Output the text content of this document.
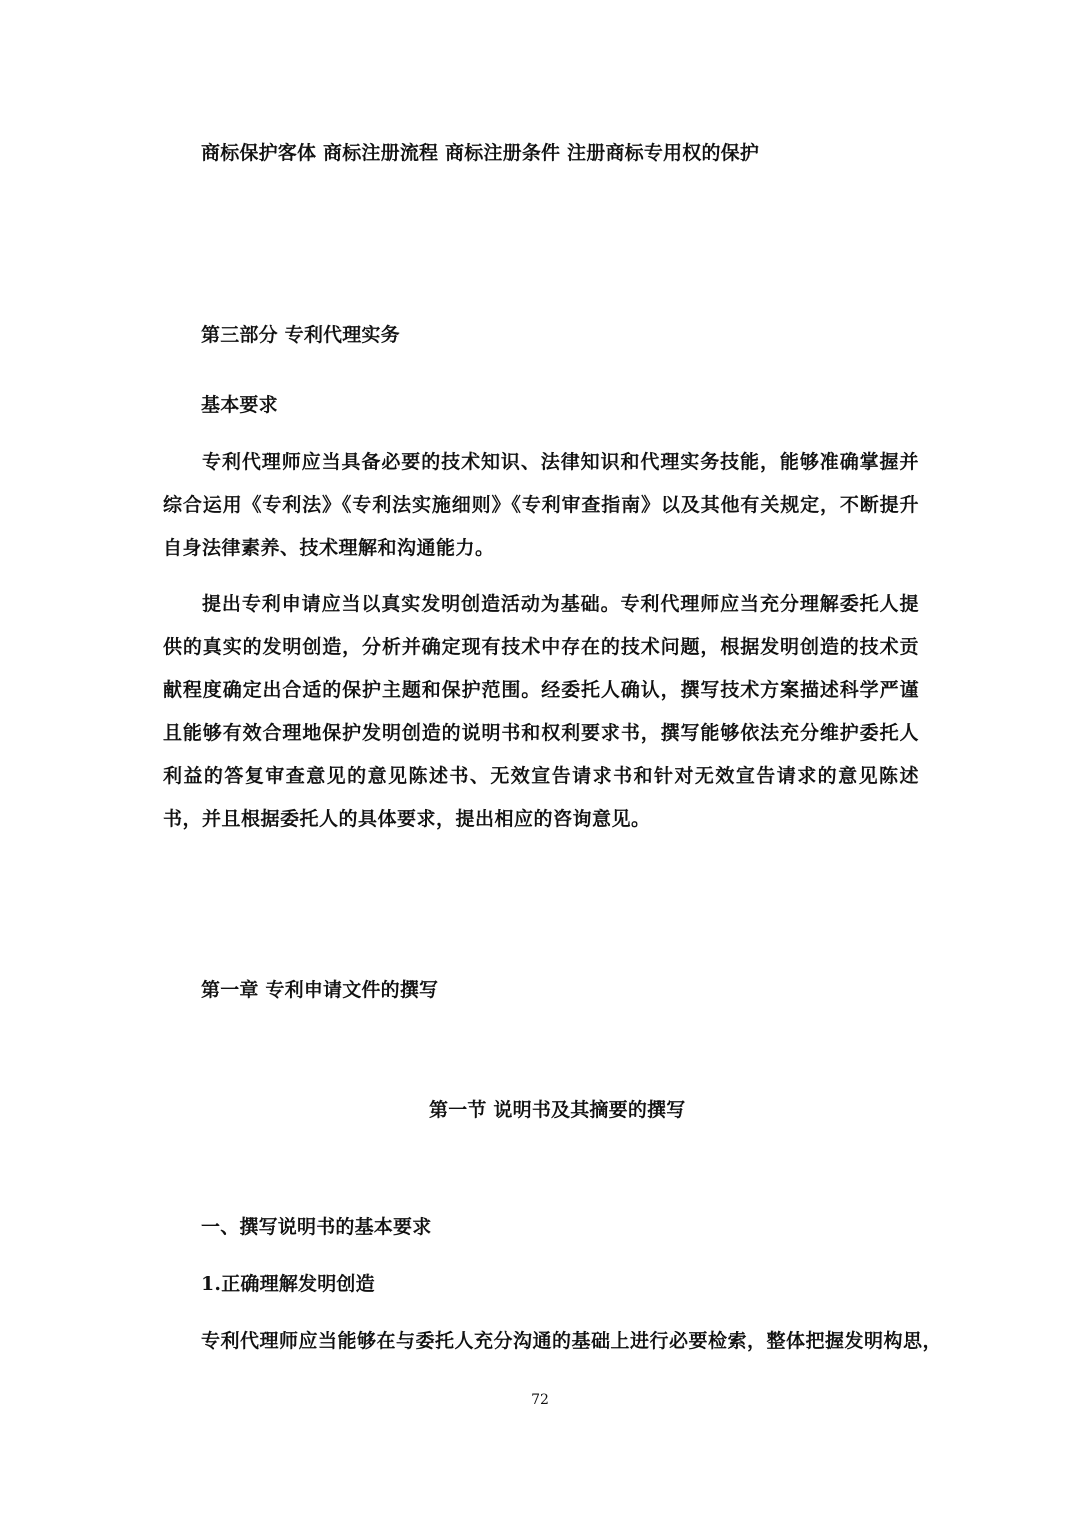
商标保护客体 商标注册流程 商标注册条件 注册商标专用权的保护
第三部分 专利代理实务
基本要求
专利代理师应当具备必要的技术知识、法律知识和代理实务技能，能够准确掌握并综合运用《专利法》《专利法实施细则》《专利审查指南》以及其他有关规定，不断提升自身法律素养、技术理解和沟通能力。
提出专利申请应当以真实发明创造活动为基础。专利代理师应当充分理解委托人提供的真实的发明创造，分析并确定现有技术中存在的技术问题，根据发明创造的技术贡献程度确定出合适的保护主题和保护范围。经委托人确认，撰写技术方案描述科学严谨且能够有效合理地保护发明创造的说明书和权利要求书，撰写能够依法充分维护委托人利益的答复审查意见的意见陈述书、无效宣告请求书和针对无效宣告请求的意见陈述书，并且根据委托人的具体要求，提出相应的咨询意见。
第一章 专利申请文件的撰写
第一节 说明书及其摘要的撰写
一、撰写说明书的基本要求
1.正确理解发明创造
专利代理师应当能够在与委托人充分沟通的基础上进行必要检索，整体把握发明构思，
72
